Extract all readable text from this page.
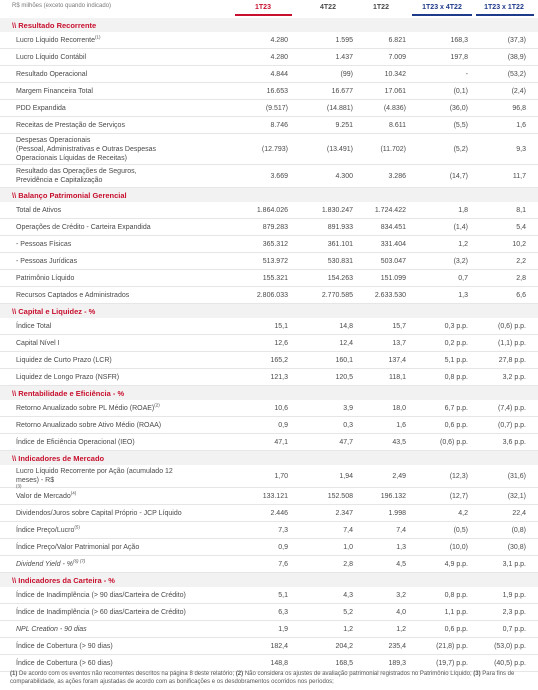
R$ milhões (exceto quando indicado)	1T23	4T22	1T22	1T23 x 4T22	1T23 x 1T22
\\ Resultado Recorrente
Lucro Líquido Recorrente$^{(1)}$	4.280	1.595	6.821	168,3	(37,3)
Lucro Líquido Contábil	4.280	1.437	7.009	197,8	(38,9)
Resultado Operacional	4.844	(99)	10.342	-	(53,2)
Margem Financeira Total	16.653	16.677	17.061	(0,1)	(2,4)
PDD Expandida	(9.517)	(14.881)	(4.836)	(36,0)	96,8
Receitas de Prestação de Serviços	8.746	9.251	8.611	(5,5)	1,6
Despesas Operacionais
(Pessoal, Administrativas e Outras Despesas
Operacionais Líquidas de Receitas)
(12.793)	(13.491)	(11.702)	(5,2)	9,3
Resultado das Operações de Seguros,
Previdência e Capitalização
3.669	4.300	3.286	(14,7)	11,7
\\ Balanço Patrimonial Gerencial
Total de Ativos	1.864.026	1.830.247	1.724.422	1,8	8,1
Operações de Crédito - Carteira Expandida	879.283	891.933	834.451	(1,4)	5,4
- Pessoas Físicas	365.312	361.101	331.404	1,2	10,2
- Pessoas Jurídicas	513.972	530.831	503.047	(3,2)	2,2
Patrimônio Líquido	155.321	154.263	151.099	0,7	2,8
Recursos Captados e Administrados	2.806.033	2.770.585	2.633.530	1,3	6,6
\\ Capital e Liquidez - %
Índice Total	15,1	14,8	15,7	0,3 p.p.	(0,6) p.p.
Capital Nível I	12,6	12,4	13,7	0,2 p.p.	(1,1) p.p.
Liquidez de Curto Prazo (LCR)	165,2	160,1	137,4	5,1 p.p.	27,8 p.p.
Liquidez de Longo Prazo (NSFR)	121,3	120,5	118,1	0,8 p.p.	3,2 p.p.
\\ Rentabilidade e Eficiência - %
Retorno Anualizado sobre PL Médio (ROAE)$^{(2)}$	10,6	3,9	18,0	6,7 p.p.	(7,4) p.p.
Retorno Anualizado sobre Ativo Médio (ROAA)	0,9	0,3	1,6	0,6 p.p.	(0,7) p.p.
Índice de Eficiência Operacional (IEO)	47,1	47,7	43,5	(0,6) p.p.	3,6 p.p.
\\ Indicadores de Mercado
Lucro Líquido Recorrente por Ação (acumulado 12
meses) - R$
$^{(3)}$
1,70	1,94	2,49	(12,3)	(31,6)
Valor de Mercado$^{(4)}$	133.121	152.508	196.132	(12,7)	(32,1)
Dividendos/Juros sobre Capital Próprio - JCP Líquido	2.446	2.347	1.998	4,2	22,4
Índice Preço/Lucro$^{(5)}$	7,3	7,4	7,4	(0,5)	(0,8)
Índice Preço/Valor Patrimonial por Ação	0,9	1,0	1,3	(10,0)	(30,8)
Dividend Yield - %$^{(6) (7)}$	7,6	2,8	4,5	4,9 p.p.	3,1 p.p.
\\ Indicadores da Carteira - %
Índice de Inadimplência (> 90 dias/Carteira de Crédito)	5,1	4,3	3,2	0,8 p.p.	1,9 p.p.
Índice de Inadimplência (> 60 dias/Carteira de Crédito)	6,3	5,2	4,0	1,1 p.p.	2,3 p.p.
NPL Creation - 90 dias	1,9	1,2	1,2	0,6 p.p.	0,7 p.p.
Índice de Cobertura (> 90 dias)	182,4	204,2	235,4	(21,8) p.p.	(53,0) p.p.
Índice de Cobertura (> 60 dias)	148,8	168,5	189,3	(19,7) p.p.	(40,5) p.p.
(1) De acordo com os eventos não recorrentes descritos na página 8 deste relatório; (2) Não considera os ajustes de avaliação patrimonial registrados no Patrimônio Líquido; (3) Para fins de comparabilidade, as ações foram ajustadas de acordo com as bonificações e os desdobramentos ocorridos nos períodos;
